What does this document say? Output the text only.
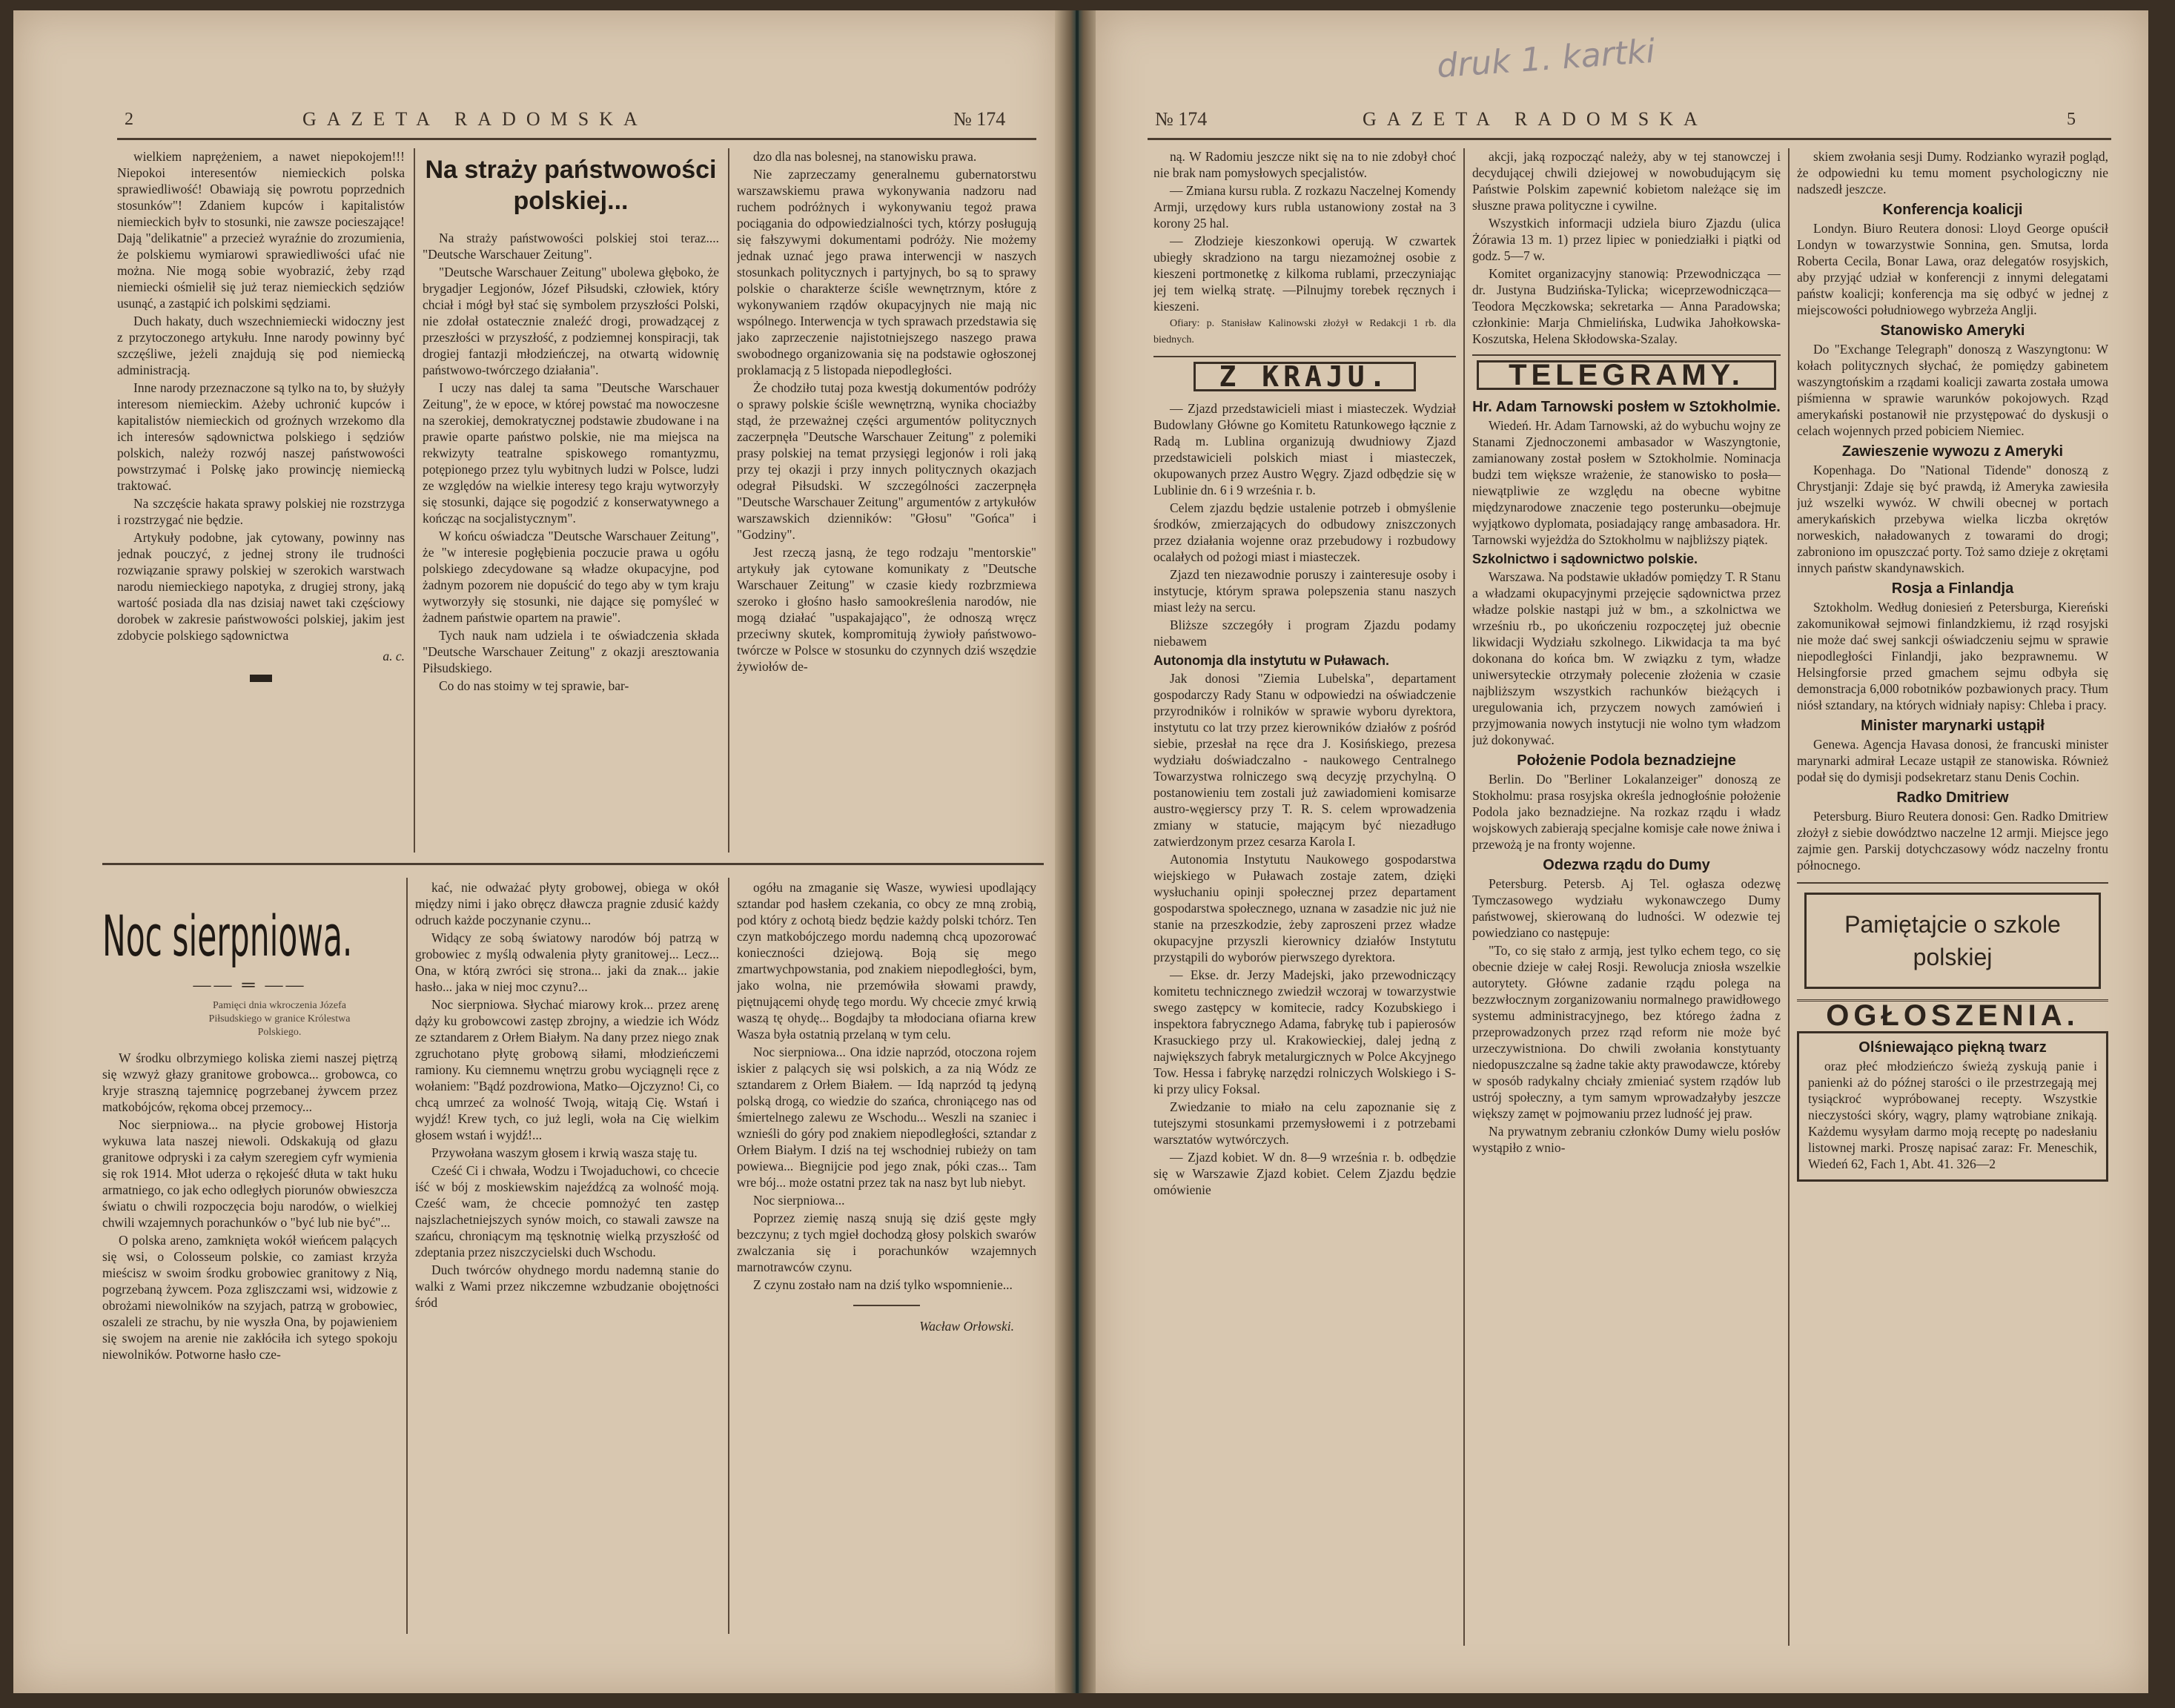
2	GAZETA RADOMSKA	№ 174

wielkiem naprężeniem, a nawet niepokojem!!! Niepokoi interesentów niemieckich polska sprawiedliwość! Obawiają się powrotu poprzednich stosunków"! Zdaniem kupców i kapitalistów niemieckich byłv to stosunki, nie zawsze pocieszające! Dają "delikatnie" a przecież wyraźnie do zrozumienia, że polskiemu wymiarowi sprawiedliwości ufać nie można. Nie mogą sobie wyobrazić, żeby rząd niemiecki ośmielił się już teraz niemieckich sędziów usunąć, a zastąpić ich polskimi sędziami.

Duch hakaty, duch wszechniemiecki widoczny jest z przytoczonego artykułu. Inne narody powinny być szczęśliwe, jeżeli znajdują się pod niemiecką administracją.

Inne narody przeznaczone są tylko na to, by służyły interesom niemieckim. Ażeby uchronić kupców i kapitalistów niemieckich od groźnych wrzekomo dla ich interesów sądownictwa polskiego i sędziów polskich, należy rozwój naszej państwowości powstrzymać i Polskę jako prowincję niemiecką traktować.

Na szczęście hakata sprawy polskiej nie rozstrzyga i rozstrzygać nie będzie.

Artykuły podobne, jak cytowany, powinny nas jednak pouczyć, z jednej strony ile trudności rozwiązanie sprawy polskiej w szerokich warstwach narodu niemieckiego napotyka, z drugiej strony, jaką wartość posiada dla nas dzisiaj nawet taki częściowy dorobek w zakresie państwowości polskiej, jakim jest zdobycie polskiego sądownictwa

a. c.
Na straży państwowości polskiej...

Na straży państwowości polskiej stoi teraz.... "Deutsche Warschauer Zeitung".

"Deutsche Warschauer Zeitung" ubolewa głęboko, że brygadjer Legjonów, Józef Piłsudski, człowiek, który chciał i mógł był stać się symbolem przyszłości Polski, nie zdołał ostatecznie znaleźć drogi, prowadzącej z przeszłości w przyszłość, z podziemnej konspiracji, tak drogiej fantazji młodzieńczej, na otwartą widownię państwowo-twórczego działania".

I uczy nas dalej ta sama "Deutsche Warschauer Zeitung", że w epoce, w której powstać ma nowoczesne na szerokiej, demokratycznej podstawie zbudowane i na prawie oparte państwo polskie, nie ma miejsca na rekwizyty teatralne spiskowego romantyzmu, potępionego przez tylu wybitnych ludzi w Polsce, ludzi ze względów na wielkie interesy tego kraju wytworzyły się stosunki, dające się pogodzić z konserwatywnego a kończąc na socjalistycznym".

W końcu oświadcza "Deutsche Warschauer Zeitung", że "w interesie pogłębienia poczucie prawa u ogółu polskiego zdecydowane są władze okupacyjne, pod żadnym pozorem nie dopuścić do tego aby w tym kraju wytworzyły się stosunki, nie dające się pomyśleć w żadnem państwie opartem na prawie".

Tych nauk nam udziela i te oświadczenia składa "Deutsche Warschauer Zeitung" z okazji aresztowania Piłsudskiego.

Co do nas stoimy w tej sprawie, bar-

dzo dla nas bolesnej, na stanowisku prawa.

Nie zaprzeczamy generalnemu gubernatorstwu warszawskiemu prawa wykonywania nadzoru nad ruchem podróżnych i wykonywaniu tegoż prawa pociągania do odpowiedzialności tych, którzy posługują się fałszywymi dokumentami podróży. Nie możemy jednak uznać jego prawa interwencji w naszych stosunkach politycznych i partyjnych, bo są to sprawy polskie o charakterze ściśle wewnętrznym, które z wykonywaniem rządów okupacyjnych nie mają nic wspólnego. Interwencja w tych sprawach przedstawia się jako zaprzeczenie najistotniejszego naszego prawa swobodnego organizowania się na podstawie ogłoszonej proklamacją z 5 listopada niepodległości.

Że chodziło tutaj poza kwestją dokumentów podróży o sprawy polskie ściśle wewnętrzną, wynika chociażby stąd, że przeważnej części argumentów politycznych zaczerpnęła "Deutsche Warschauer Zeitung" z polemiki prasy polskiej na temat przysięgi legjonów i roli jaką przy tej okazji i przy innych politycznych okazjach odegrał Piłsudski. W szczególności zaczerpnęła "Deutsche Warschauer Zeitung" argumentów z artykułów warszawskich dzienników: "Głosu" "Gońca" i "Godziny".

Jest rzeczą jasną, że tego rodzaju "mentorskie" artykuły jak cytowane komunikaty z "Deutsche Warschauer Zeitung" w czasie kiedy rozbrzmiewa szeroko i głośno hasło samookreślenia narodów, nie mogą działać "uspakajająco", że odnoszą wręcz przeciwny skutek, kompromitują żywioły państwowo-twórcze w Polsce w stosunku do czynnych dziś wszędzie żywiołów de-

Noc sierpniowa.
—— ═ ——
Pamięci dnia wkroczenia Józefa Piłsudskiego w granice Królestwa Polskiego.

W środku olbrzymiego koliska ziemi naszej piętrzą się wzwyż głazy granitowe grobowca... grobowca, co kryje straszną tajemnicę pogrzebanej żywcem przez matkobójców, rękoma obcej przemocy...

Noc sierpniowa... na płycie grobowej Historja wykuwa lata naszej niewoli. Odskakują od głazu granitowe odpryski i za całym szeregiem cyfr wymienia się rok 1914. Młot uderza o rękojeść dłuta w takt huku armatniego, co jak echo odległych piorunów obwieszcza światu o chwili rozpoczęcia boju narodów, o wielkiej chwili wzajemnych porachunków o "być lub nie być"...

O polska areno, zamknięta wokół wieńcem palących się wsi, o Colosseum polskie, co zamiast krzyża mieścisz w swoim środku grobowiec granitowy z Nią, pogrzebaną żywcem. Poza zgliszczami wsi, widzowie z obrożami niewolników na szyjach, patrzą w grobowiec, oszaleli ze strachu, by nie wyszła Ona, by pojawieniem się swojem na arenie nie zakłóciła ich sytego spokoju niewolników. Potworne hasło cze-

kać, nie odważać płyty grobowej, obiega w okół między nimi i jako obręcz dławcza pragnie zdusić każdy odruch każde poczynanie czynu...

Widący ze sobą światowy narodów bój patrzą w grobowiec z myślą odwalenia płyty granitowej... Lecz... Ona, w którą zwróci się strona... jaki da znak... jakie hasło... jaka w niej moc czynu?...

Noc sierpniowa. Słychać miarowy krok... przez arenę dąży ku grobowcowi zastęp zbrojny, a wiedzie ich Wódz ze sztandarem z Orłem Białym. Na dany przez niego znak zgruchotano płytę grobową siłami, młodzieńczemi ramiony. Ku ciemnemu wnętrzu grobu wyciągnęli ręce z wołaniem: "Bądź pozdrowiona, Matko—Ojczyzno! Ci, co chcą umrzeć za wolność Twoją, witają Cię. Wstań i wyjdź! Krew tych, co już legli, woła na Cię wielkim głosem wstań i wyjdź!...

Przywołana waszym głosem i krwią wasza staję tu.

Cześć Ci i chwała, Wodzu i Twojaduchowi, co chcecie iść w bój z moskiewskim najeźdźcą za wolność moją. Cześć wam, że chcecie pomnożyć ten zastęp najszlachetniejszych synów moich, co stawali zawsze na szańcu, chroniącym mą tęsknotnię wielką przyszłość od zdeptania przez niszczycielski duch Wschodu.

Duch twórców ohydnego mordu nademną stanie do walki z Wami przez nikczemne wzbudzanie obojętności śród

ogółu na zmaganie się Wasze, wywiesi upodlający sztandar pod hasłem czekania, co obcy ze mną zrobią, pod który z ochotą biedz będzie każdy polski tchórz. Ten czyn matkobójczego mordu nademną chcą upozorować konieczności dziejową. Boją się mego zmartwychpowstania, pod znakiem niepodległości, bym, jako wolna, nie przemówiła słowami prawdy, piętnującemi ohydę tego mordu. Wy chcecie zmyć krwią waszą tę ohydę... Bogdajby ta młodociana ofiarna krew Wasza była ostatnią przelaną w tym celu.

Noc sierpniowa... Ona idzie naprzód, otoczona rojem iskier z palących się wsi polskich, a za nią Wódz ze sztandarem z Orłem Białem. — Idą naprzód tą jedyną polską drogą, co wiedzie do szańca, chroniącego nas od śmiertelnego zalewu ze Wschodu... Weszli na szaniec i wznieśli do góry pod znakiem niepodległości, sztandar z Orłem Białym. I dziś na tej wschodniej rubieży on tam powiewa... Biegnijcie pod jego znak, póki czas... Tam wre bój... może ostatni przez tak na nasz byt lub niebyt.

Noc sierpniowa...

Poprzez ziemię naszą snują się dziś gęste mgły bezczynu; z tych mgieł dochodzą głosy polskich swarów zwalczania się i porachunków wzajemnych marnotrawców czynu.

Z czynu zostało nam na dziś tylko wspomnienie...

Wacław Orłowski.
druk 1. kartki
№ 174	GAZETA RADOMSKA	5

ną. W Radomiu jeszcze nikt się na to nie zdobył choć nie brak nam pomysłowych specjalistów.

— Zmiana kursu rubla. Z rozkazu Naczelnej Komendy Armji, urzędowy kurs rubla ustanowiony został na 3 korony 25 hal.

— Złodzieje kieszonkowi operują. W czwartek ubiegły skradziono na targu niezamożnej osobie z kieszeni portmonetkę z kilkoma rublami, przeczyniając jej tem wielką stratę. —Pilnujmy torebek ręcznych i kieszeni.

Ofiary: p. Stanisław Kalinowski złożył w Redakcji 1 rb. dla biednych.

Z KRAJU.

— Zjazd przedstawicieli miast i miasteczek. Wydział Budowlany Główne go Komitetu Ratunkowego łącznie z Radą m. Lublina organizują dwudniowy Zjazd przedstawicieli polskich miast i miasteczek, okupowanych przez Austro Węgry. Zjazd odbędzie się w Lublinie dn. 6 i 9 września r. b.

Celem zjazdu będzie ustalenie potrzeb i obmyślenie środków, zmierzających do odbudowy zniszczonych przez działania wojenne oraz przebudowy i rozbudowy ocalałych od pożogi miast i miasteczek.

Zjazd ten niezawodnie poruszy i zainteresuje osoby i instytucje, którym sprawa polepszenia stanu naszych miast leży na sercu.

Bliższe szczegóły i program Zjazdu podamy niebawem

Autonomja dla instytutu w Puławach.

Jak donosi "Ziemia Lubelska", departament gospodarczy Rady Stanu w odpowiedzi na oświadczenie przyrodników i rolników w sprawie wyboru dyrektora, instytutu co lat trzy przez kierowników działów z pośród siebie, przesłał na ręce dra J. Kosińskiego, prezesa wydziału doświadczalno - naukowego Centralnego Towarzystwa rolniczego swą decyzję przychylną. O postanowieniu tem zostali już zawiadomieni komisarze austro-węgierscy przy T. R. S. celem wprowadzenia zmiany w statucie, mającym być niezadługo zatwierdzonym przez cesarza Karola I.

Autonomia Instytutu Naukowego gospodarstwa wiejskiego w Puławach zostaje zatem, dzięki wysłuchaniu opinji społecznej przez departament gospodarstwa społecznego, uznana w zasadzie nic już nie stanie na przeszkodzie, żeby zaproszeni przez władze okupacyjne przyszli kierownicy działów Instytutu przystąpili do wyborów pierwszego dyrektora.

— Ekse. dr. Jerzy Madejski, jako przewodniczący komitetu technicznego zwiedził wczoraj w towarzystwie swego zastępcy w komitecie, radcy Kozubskiego i inspektora fabrycznego Adama, fabrykę tub i papierosów Krasuckiego przy ul. Krakowieckiej, dalej jedną z największych fabryk metalurgicznych w Polce Akcyjnego Tow. Hessa i fabrykę narzędzi rolniczych Wolskiego i S-ki przy ulicy Foksal.

Zwiedzanie to miało na celu zapoznanie się z tutejszymi stosunkami przemysłowemi i z potrzebami warsztatów wytwórczych.

— Zjazd kobiet. W dn. 8—9 września r. b. odbędzie się w Warszawie Zjazd kobiet. Celem Zjazdu będzie omówienie

akcji, jaką rozpocząć należy, aby w tej stanowczej i decydującej chwili dziejowej w nowobudującym się Państwie Polskim zapewnić kobietom należące się im słuszne prawa polityczne i cywilne.

Wszystkich informacji udziela biuro Zjazdu (ulica Żórawia 13 m. 1) przez lipiec w poniedziałki i piątki od godz. 5—7 w.

Komitet organizacyjny stanowią: Przewodnicząca — dr. Justyna Budzińska-Tylicka; wiceprzewodnicząca—Teodora Męczkowska; sekretarka — Anna Paradowska; członkinie: Marja Chmielińska, Ludwika Jahołkowska-Koszutska, Helena Skłodowska-Szalay.

TELEGRAMY.
Hr. Adam Tarnowski posłem w Sztokholmie.

Wiedeń. Hr. Adam Tarnowski, aż do wybuchu wojny ze Stanami Zjednoczonemi ambasador w Waszyngtonie, zamianowany został posłem w Sztokholmie. Nominacja budzi tem większe wrażenie, że stanowisko to posła—niewątpliwie ze względu na obecne wybitne międzynarodowe znaczenie tego posterunku—obejmuje wyjątkowo dyplomata, posiadający rangę ambasadora. Hr. Tarnowski wyjeżdża do Sztokholmu w najbliższy piątek.

Szkolnictwo i sądownictwo polskie.

Warszawa. Na podstawie układów pomiędzy T. R Stanu a władzami okupacyjnymi przejęcie sądownictwa przez władze polskie nastąpi już w bm., a szkolnictwa we wrześniu rb., po ukończeniu rozpoczętej już obecnie likwidacji Wydziału szkolnego. Likwidacja ta ma być dokonana do końca bm. W związku z tym, władze uniwersyteckie otrzymały polecenie złożenia w czasie najbliższym wszystkich rachunków bieżących i uregulowania ich, przyczem nowych zamówień i przyjmowania nowych instytucji nie wolno tym władzom już dokonywać.

Położenie Podola beznadziejne

Berlin. Do "Berliner Lokalanzeiger" donoszą ze Stokholmu: prasa rosyjska określa jednogłośnie położenie Podola jako beznadziejne. Na rozkaz rządu i władz wojskowych zabierają specjalne komisje całe nowe żniwa i przewożą je na fronty wojenne.

Odezwa rządu do Dumy

Petersburg. Petersb. Aj Tel. ogłasza odezwę Tymczasowego wydziału wykonawczego Dumy państwowej, skierowaną do ludności. W odezwie tej powiedziano co następuje:

"To, co się stało z armją, jest tylko echem tego, co się obecnie dzieje w całej Rosji. Rewolucja zniosła wszelkie autorytety. Główne zadanie rządu polega na bezzwłocznym zorganizowaniu normalnego prawidłowego systemu administracyjnego, bez którego żadna z przeprowadzonych przez rząd reform nie może być urzeczywistniona. Do chwili zwołania konstytuanty niedopuszczalne są żadne takie akty prawodawcze, któreby w sposób radykalny chciały zmieniać system rządów lub ustrój społeczny, a tym samym wprowadzałyby jeszcze większy zamęt w pojmowaniu przez ludność jej praw.

Na prywatnym zebraniu członków Dumy wielu posłów wystąpiło z wnio-

skiem zwołania sesji Dumy. Rodzianko wyraził pogląd, że odpowiedni ku temu moment psychologiczny nie nadszedł jeszcze.

Konferencja koalicji

Londyn. Biuro Reutera donosi: Lloyd George opuścił Londyn w towarzystwie Sonnina, gen. Smutsa, lorda Roberta Cecila, Bonar Lawa, oraz delegatów rosyjskich, aby przyjąć udział w konferencji z innymi delegatami państw koalicji; konferencja ma się odbyć w jednej z miejscowości południowego wybrzeża Anglji.

Stanowisko Ameryki

Do "Exchange Telegraph" donoszą z Waszyngtonu: W kołach politycznych słychać, że pomiędzy gabinetem waszyngtońskim a rządami koalicji zawarta została umowa piśmienna w sprawie warunków pokojowych. Rząd amerykański postanowił nie przystępować do dyskusji o celach wojennych przed pobiciem Niemiec.

Zawieszenie wywozu z Ameryki

Kopenhaga. Do "National Tidende" donoszą z Chrystjanji: Zdaje się być prawdą, iż Ameryka zawiesiła już wszelki wywóz. W chwili obecnej w portach amerykańskich przebywa wielka liczba okrętów norweskich, naładowanych z towarami do drogi; zabroniono im opuszczać porty. Toż samo dzieje z okrętami innych państw skandynawskich.

Rosja a Finlandja

Sztokholm. Według doniesień z Petersburga, Kiereński zakomunikował sejmowi finlandzkiemu, iż rząd rosyjski nie może dać swej sankcji oświadczeniu sejmu w sprawie niepodległości Finlandji, jako bezprawnemu. W Helsingforsie przed gmachem sejmu odbyła się demonstracja 6,000 robotników pozbawionych pracy. Tłum niósł sztandary, na których widniały napisy: Chleba i pracy.

Minister marynarki ustąpił

Genewa. Agencja Havasa donosi, że francuski minister marynarki admirał Lecaze ustąpił ze stanowiska. Również podał się do dymisji podsekretarz stanu Denis Cochin.

Radko Dmitriew

Petersburg. Biuro Reutera donosi: Gen. Radko Dmitriew złożył z siebie dowództwo naczelne 12 armji. Miejsce jego zajmie gen. Parskij dotychczasowy wódz naczelny frontu północnego.

Pamiętajcie o szkole polskiej
OGŁOSZENIA.
Olśniewająco piękną twarz

oraz płeć młodzieńczo świeżą zyskują panie i panienki aż do późnej starości o ile przestrzegają mej tysiąckroć wypróbowanej recepty. Wszystkie nieczystości skóry, wągry, plamy wątrobiane znikają. Każdemu wysyłam darmo moją receptę po nadesłaniu listownej marki. Proszę napisać zaraz: Fr. Meneschik, Wiedeń 62, Fach 1, Abt. 41. 326—2
